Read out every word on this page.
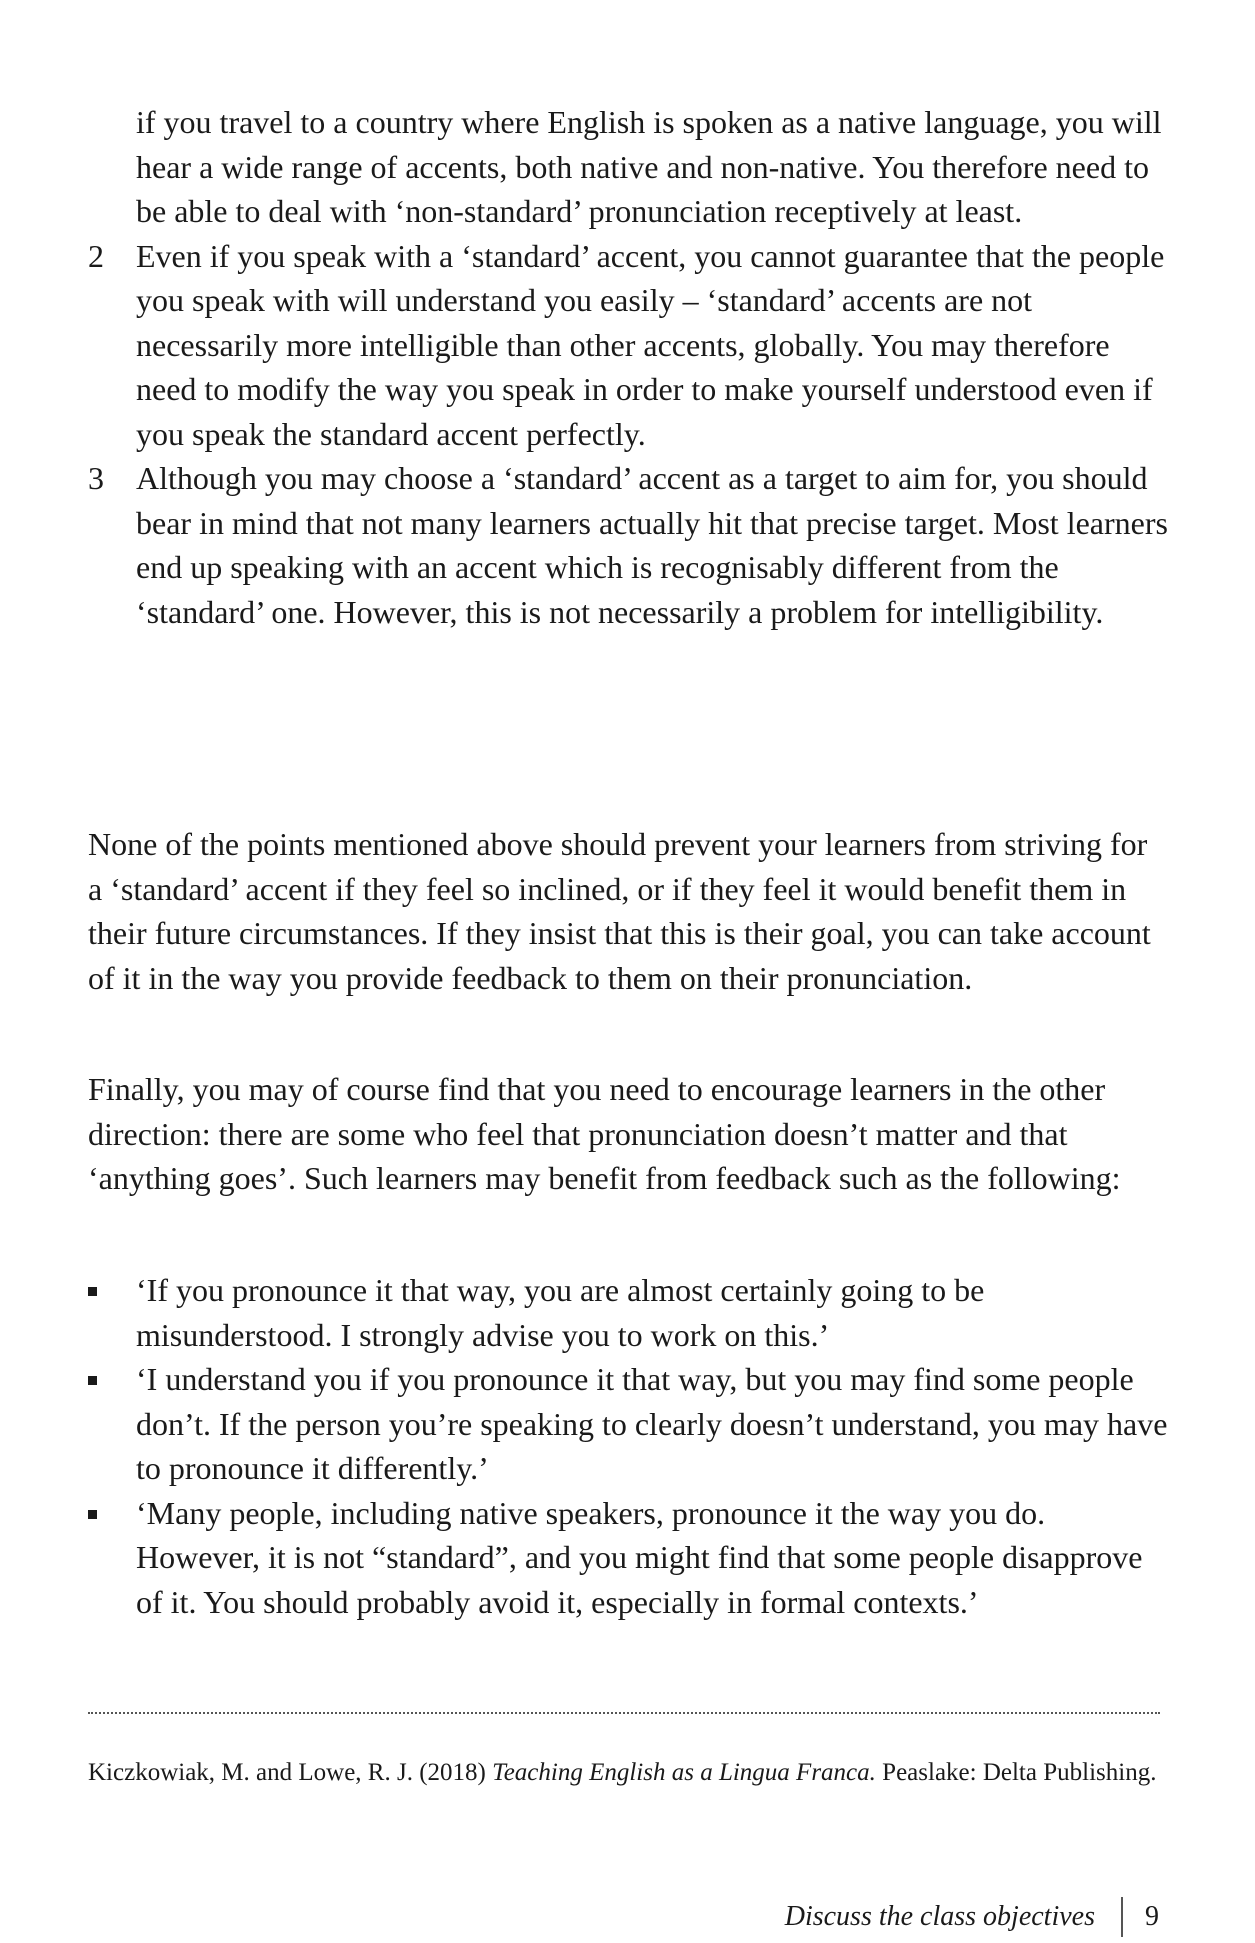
if you travel to a country where English is spoken as a native language, you will hear a wide range of accents, both native and non-native. You therefore need to be able to deal with ‘non-standard’ pronunciation receptively at least.
2 Even if you speak with a ‘standard’ accent, you cannot guarantee that the people you speak with will understand you easily – ‘standard’ accents are not necessarily more intelligible than other accents, globally. You may therefore need to modify the way you speak in order to make yourself understood even if you speak the standard accent perfectly.
3 Although you may choose a ‘standard’ accent as a target to aim for, you should bear in mind that not many learners actually hit that precise target. Most learners end up speaking with an accent which is recognisably different from the ‘standard’ one. However, this is not necessarily a problem for intelligibility.

None of the points mentioned above should prevent your learners from striving for a ‘standard’ accent if they feel so inclined, or if they feel it would benefit them in their future circumstances. If they insist that this is their goal, you can take account of it in the way you provide feedback to them on their pronunciation.

Finally, you may of course find that you need to encourage learners in the other direction: there are some who feel that pronunciation doesn’t matter and that ‘anything goes’. Such learners may benefit from feedback such as the following:

‘If you pronounce it that way, you are almost certainly going to be misunderstood. I strongly advise you to work on this.’
‘I understand you if you pronounce it that way, but you may find some people don’t. If the person you’re speaking to clearly doesn’t understand, you may have to pronounce it differently.’
‘Many people, including native speakers, pronounce it the way you do. However, it is not “standard”, and you might find that some people disapprove of it. You should probably avoid it, especially in formal contexts.’
Kiczkowiak, M. and Lowe, R. J. (2018) Teaching English as a Lingua Franca. Peaslake: Delta Publishing.
Discuss the class objectives 9
